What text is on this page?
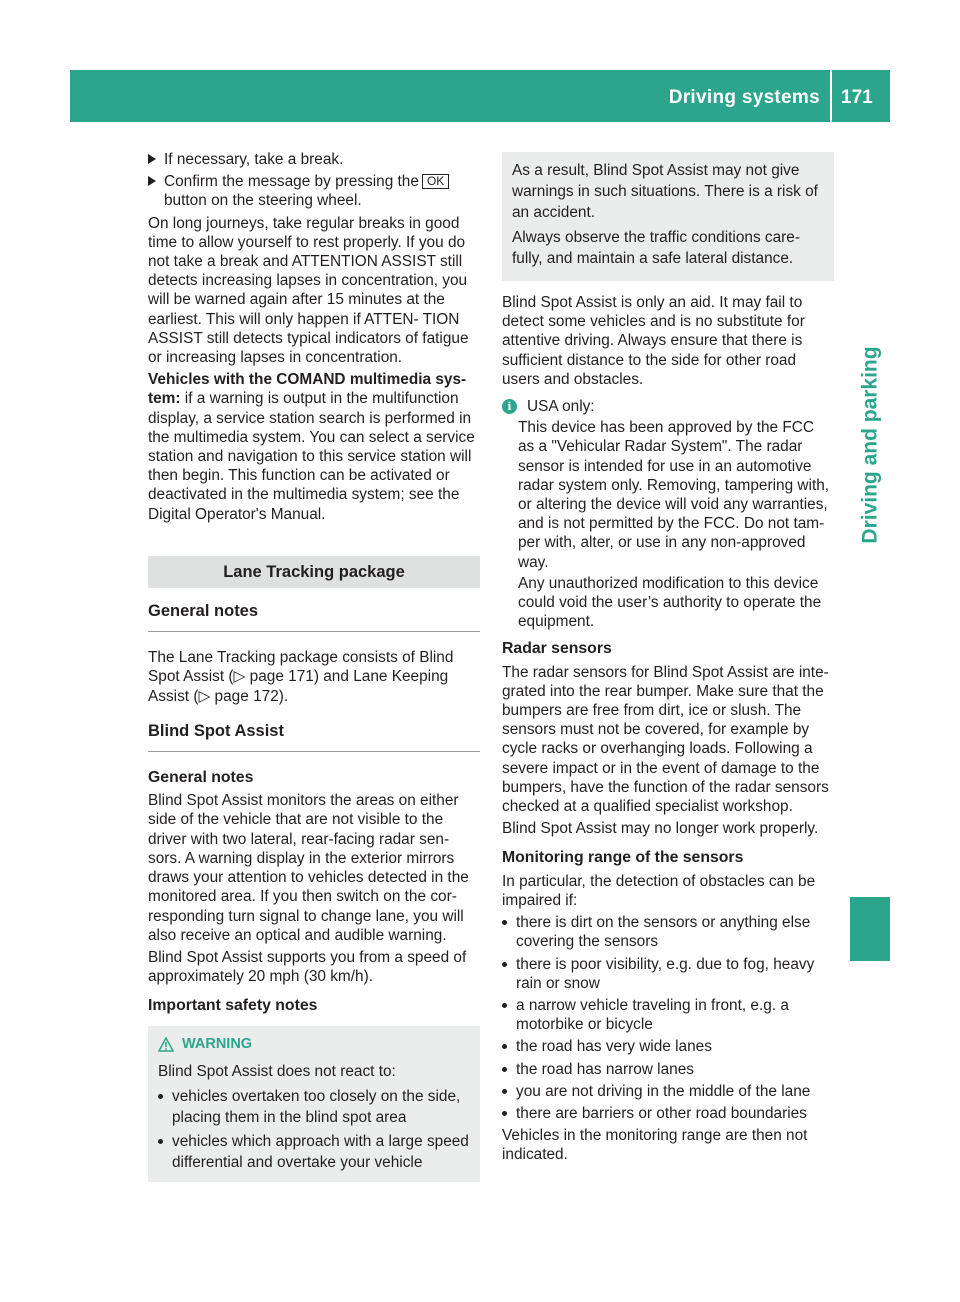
Driving systems 171
Driving and parking
If necessary, take a break.
Confirm the message by pressing the OK
button on the steering wheel.

On long journeys, take regular breaks in good time to allow yourself to rest properly. If you do not take a break and ATTENTION ASSIST still detects increasing lapses in concentration, you will be warned again after 15 minutes at the earliest. This will only happen if ATTEN- TION ASSIST still detects typical indicators of fatigue or increasing lapses in concentration.

Vehicles with the COMAND multimedia sys- tem: if a warning is output in the multifunction display, a service station search is performed in the multimedia system. You can select a service station and navigation to this service station will then begin. This function can be activated or deactivated in the multimedia system; see the Digital Operator's Manual.

Lane Tracking package
General notes

The Lane Tracking package consists of Blind Spot Assist (▷ page 171) and Lane Keeping Assist (▷ page 172).

Blind Spot Assist
General notes

Blind Spot Assist monitors the areas on either side of the vehicle that are not visible to the driver with two lateral, rear-facing radar sen- sors. A warning display in the exterior mirrors draws your attention to vehicles detected in the monitored area. If you then switch on the cor- responding turn signal to change lane, you will also receive an optical and audible warning.

Blind Spot Assist supports you from a speed of approximately 20 mph (30 km/h).

Important safety notes
WARNING

Blind Spot Assist does not react to:

vehicles overtaken too closely on the side, placing them in the blind spot area
vehicles which approach with a large speed differential and overtake your vehicle

As a result, Blind Spot Assist may not give warnings in such situations. There is a risk of an accident.

Always observe the traffic conditions care- fully, and maintain a safe lateral distance.

Blind Spot Assist is only an aid. It may fail to detect some vehicles and is no substitute for attentive driving. Always ensure that there is sufficient distance to the side for other road users and obstacles.

i	USA only:

This device has been approved by the FCC as a "Vehicular Radar System". The radar sensor is intended for use in an automotive radar system only. Removing, tampering with, or altering the device will void any warranties, and is not permitted by the FCC. Do not tam- per with, alter, or use in any non-approved way.

Any unauthorized modification to this device could void the user’s authority to operate the equipment.

Radar sensors

The radar sensors for Blind Spot Assist are inte- grated into the rear bumper. Make sure that the bumpers are free from dirt, ice or slush. The sensors must not be covered, for example by cycle racks or overhanging loads. Following a severe impact or in the event of damage to the bumpers, have the function of the radar sensors checked at a qualified specialist workshop.

Blind Spot Assist may no longer work properly.

Monitoring range of the sensors

In particular, the detection of obstacles can be impaired if:

there is dirt on the sensors or anything else covering the sensors
there is poor visibility, e.g. due to fog, heavy rain or snow
a narrow vehicle traveling in front, e.g. a motorbike or bicycle
the road has very wide lanes
the road has narrow lanes
you are not driving in the middle of the lane
there are barriers or other road boundaries

Vehicles in the monitoring range are then not indicated.
